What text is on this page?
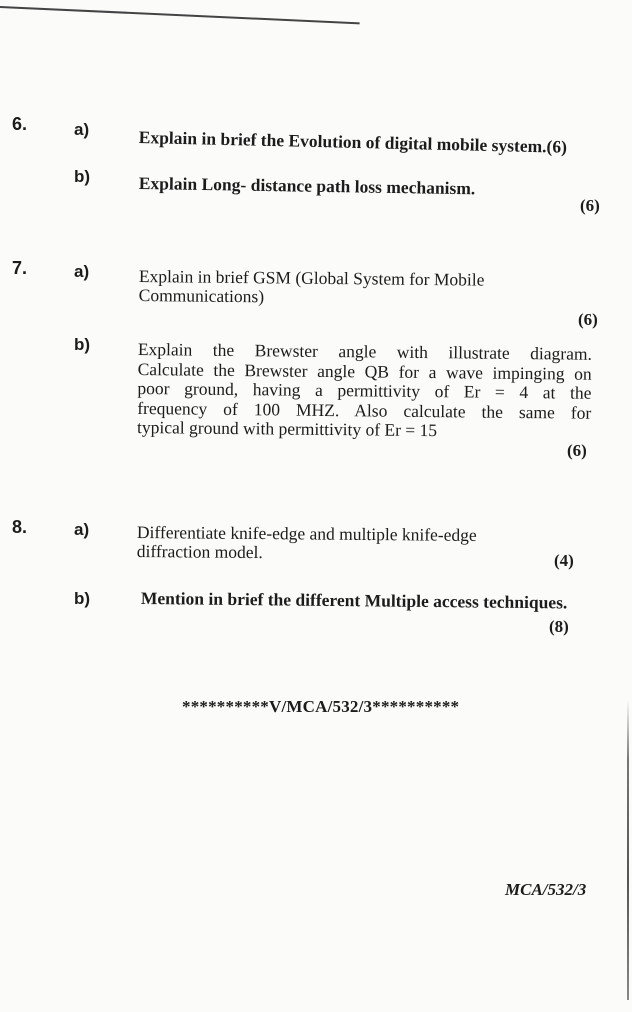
6.	a)	Explain in brief the Evolution of digital mobile system.(6)
b)	Explain Long- distance path loss mechanism.
(6)
7.	a)	Explain in brief GSM (Global System for Mobile
Communications)
(6)
b)	Explain the Brewster angle with illustrate diagram.
Calculate the Brewster angle QB for a wave impinging on
poor ground, having a permittivity of Er = 4 at the
frequency of 100 MHZ. Also calculate the same for
typical ground with permittivity of Er = 15
(6)
8.	a)	Differentiate knife-edge and multiple knife-edge
diffraction model.	(4)
b)	Mention in brief the different Multiple access techniques.
(8)
**********V/MCA/532/3**********
MCA/532/3
